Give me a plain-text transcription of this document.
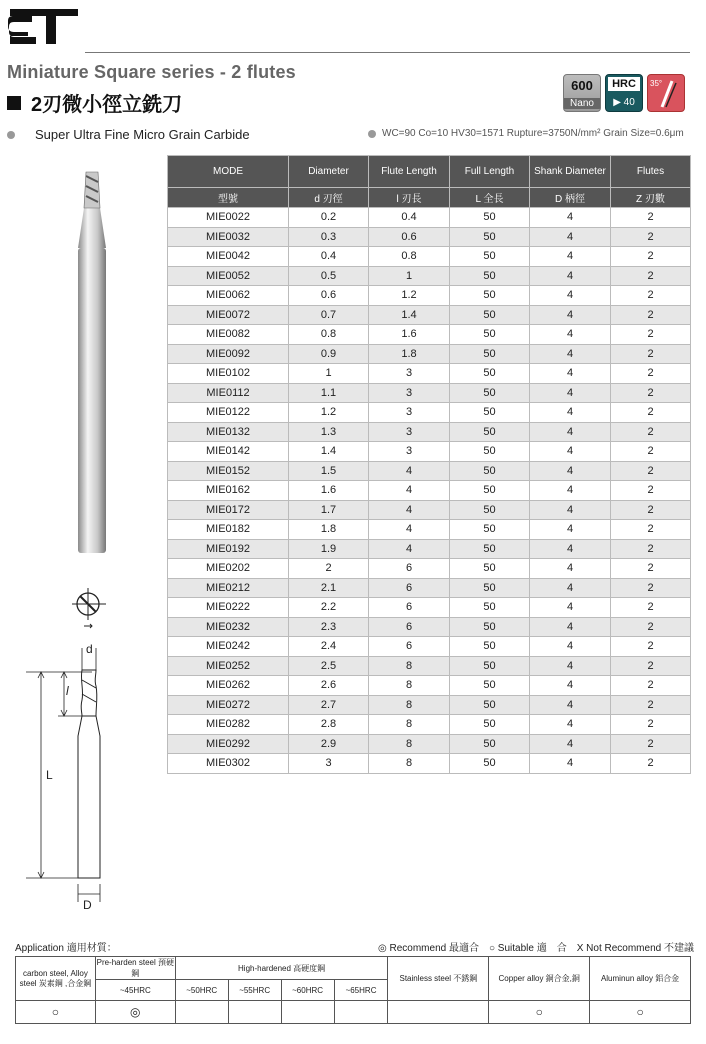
Miniature Square series - 2 flutes
2刃微小徑立銑刀
600
Nano
HRC
▶ 40
35°
Super Ultra Fine Micro Grain Carbide	WC=90 Co=10 HV30=1571 Rupture=3750N/mm² Grain Size=0.6μm
d
l
L
D
MODE	Diameter	Flute Length	Full Length	Shank Diameter	Flutes
型號	d 刃徑	l 刃長	L 全長	D 柄徑	Z 刃數
MIE0022	0.2	0.4	50	4	2
MIE0032	0.3	0.6	50	4	2
MIE0042	0.4	0.8	50	4	2
MIE0052	0.5	1	50	4	2
MIE0062	0.6	1.2	50	4	2
MIE0072	0.7	1.4	50	4	2
MIE0082	0.8	1.6	50	4	2
MIE0092	0.9	1.8	50	4	2
MIE0102	1	3	50	4	2
MIE0112	1.1	3	50	4	2
MIE0122	1.2	3	50	4	2
MIE0132	1.3	3	50	4	2
MIE0142	1.4	3	50	4	2
MIE0152	1.5	4	50	4	2
MIE0162	1.6	4	50	4	2
MIE0172	1.7	4	50	4	2
MIE0182	1.8	4	50	4	2
MIE0192	1.9	4	50	4	2
MIE0202	2	6	50	4	2
MIE0212	2.1	6	50	4	2
MIE0222	2.2	6	50	4	2
MIE0232	2.3	6	50	4	2
MIE0242	2.4	6	50	4	2
MIE0252	2.5	8	50	4	2
MIE0262	2.6	8	50	4	2
MIE0272	2.7	8	50	4	2
MIE0282	2.8	8	50	4	2
MIE0292	2.9	8	50	4	2
MIE0302	3	8	50	4	2
Application 適用材質：	◎ Recommend 最適合 ○ Suitable 適　合 X Not Recommend 不建議
carbon steel, Alloy steel 炭素鋼 ,合金鋼	Pre-harden steel 預硬鋼	High-hardened 高硬度鋼				Stainless steel 不銹鋼	Copper alloy 銅合金,銅	Aluminun alloy 鋁合金
	~45HRC	~50HRC	~55HRC	~60HRC	~65HRC			
○	◎						○	○
